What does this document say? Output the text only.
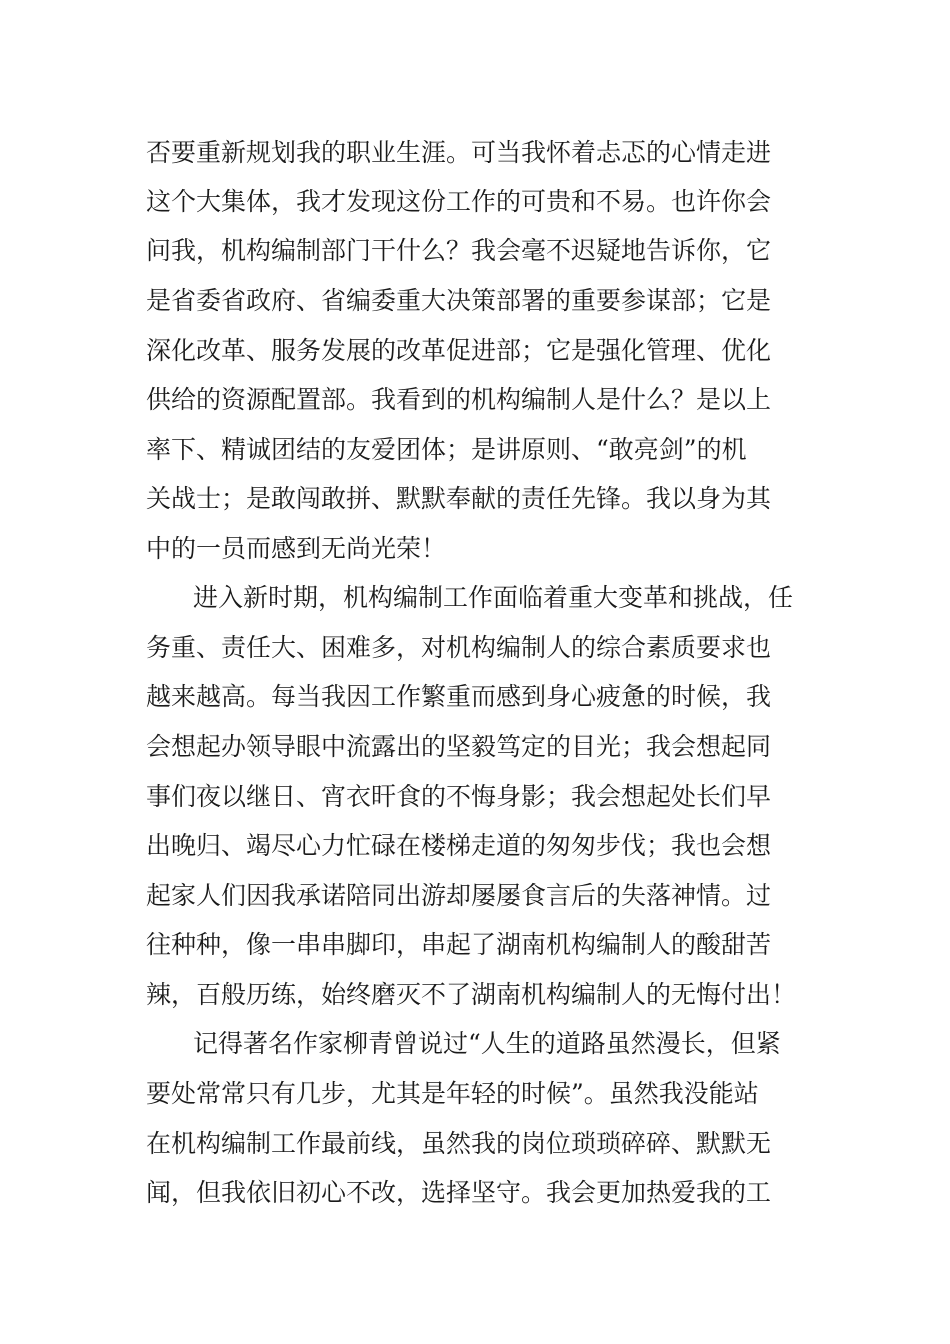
否要重新规划我的职业生涯。可当我怀着忐忑的心情走进
这个大集体，我才发现这份工作的可贵和不易。也许你会
问我，机构编制部门干什么？我会毫不迟疑地告诉你，它
是省委省政府、省编委重大决策部署的重要参谋部；它是
深化改革、服务发展的改革促进部；它是强化管理、优化
供给的资源配置部。我看到的机构编制人是什么？是以上
率下、精诚团结的友爱团体；是讲原则、“敢亮剑”的机
关战士；是敢闯敢拼、默默奉献的责任先锋。我以身为其
中的一员而感到无尚光荣！
进入新时期，机构编制工作面临着重大变革和挑战，任
务重、责任大、困难多，对机构编制人的综合素质要求也
越来越高。每当我因工作繁重而感到身心疲惫的时候，我
会想起办领导眼中流露出的坚毅笃定的目光；我会想起同
事们夜以继日、宵衣旰食的不悔身影；我会想起处长们早
出晚归、竭尽心力忙碌在楼梯走道的匆匆步伐；我也会想
起家人们因我承诺陪同出游却屡屡食言后的失落神情。过
往种种，像一串串脚印，串起了湖南机构编制人的酸甜苦
辣，百般历练，始终磨灭不了湖南机构编制人的无悔付出！
记得著名作家柳青曾说过“人生的道路虽然漫长，但紧
要处常常只有几步，尤其是年轻的时候”。虽然我没能站
在机构编制工作最前线，虽然我的岗位琐琐碎碎、默默无
闻，但我依旧初心不改，选择坚守。我会更加热爱我的工
